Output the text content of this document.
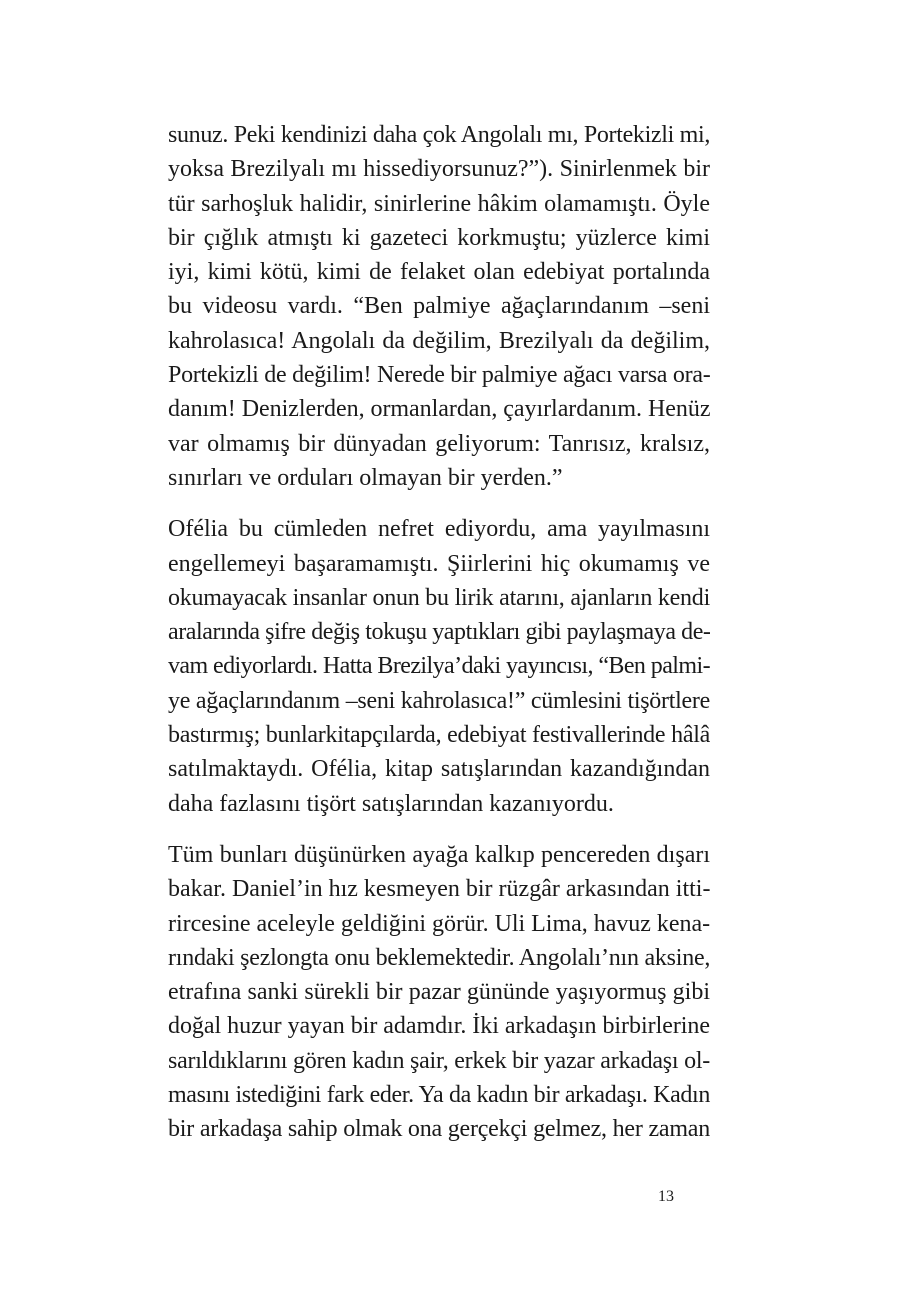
sunuz. Peki kendinizi daha çok Angolalı mı, Portekizli mi,
yoksa Brezilyalı mı hissediyorsunuz?”). Sinirlenmek bir
tür sarhoşluk halidir, sinirlerine hâkim olamamıştı. Öyle
bir çığlık atmıştı ki gazeteci korkmuştu; yüzlerce kimi
iyi, kimi kötü, kimi de felaket olan edebiyat portalında
bu videosu vardı. “Ben palmiye ağaçlarındanım –seni
kahrolasıca! Angolalı da değilim, Brezilyalı da değilim,
Portekizli de değilim! Nerede bir palmiye ağacı varsa ora-
danım! Denizlerden, ormanlardan, çayırlardanım. Henüz
var olmamış bir dünyadan geliyorum: Tanrısız, kralsız,
sınırları ve orduları olmayan bir yerden.”
Ofélia bu cümleden nefret ediyordu, ama yayılmasını
engellemeyi başaramamıştı. Şiirlerini hiç okumamış ve
okumayacak insanlar onun bu lirik atarını, ajanların kendi
aralarında şifre değiş tokuşu yaptıkları gibi paylaşmaya de-
vam ediyorlardı. Hatta Brezilya’daki yayıncısı, “Ben palmi-
ye ağaçlarındanım –seni kahrolasıca!” cümlesini tişörtlere
bastırmış; bunlarkitapçılarda, edebiyat festivallerinde hâlâ
satılmaktaydı. Ofélia, kitap satışlarından kazandığından
daha fazlasını tişört satışlarından kazanıyordu.
Tüm bunları düşünürken ayağa kalkıp pencereden dışarı
bakar. Daniel’in hız kesmeyen bir rüzgâr arkasından itti-
rircesine aceleyle geldiğini görür. Uli Lima, havuz kena-
rındaki şezlongta onu beklemektedir. Angolalı’nın aksine,
etrafına sanki sürekli bir pazar gününde yaşıyormuş gibi
doğal huzur yayan bir adamdır. İki arkadaşın birbirlerine
sarıldıklarını gören kadın şair, erkek bir yazar arkadaşı ol-
masını istediğini fark eder. Ya da kadın bir arkadaşı. Kadın
bir arkadaşa sahip olmak ona gerçekçi gelmez, her zaman
13
